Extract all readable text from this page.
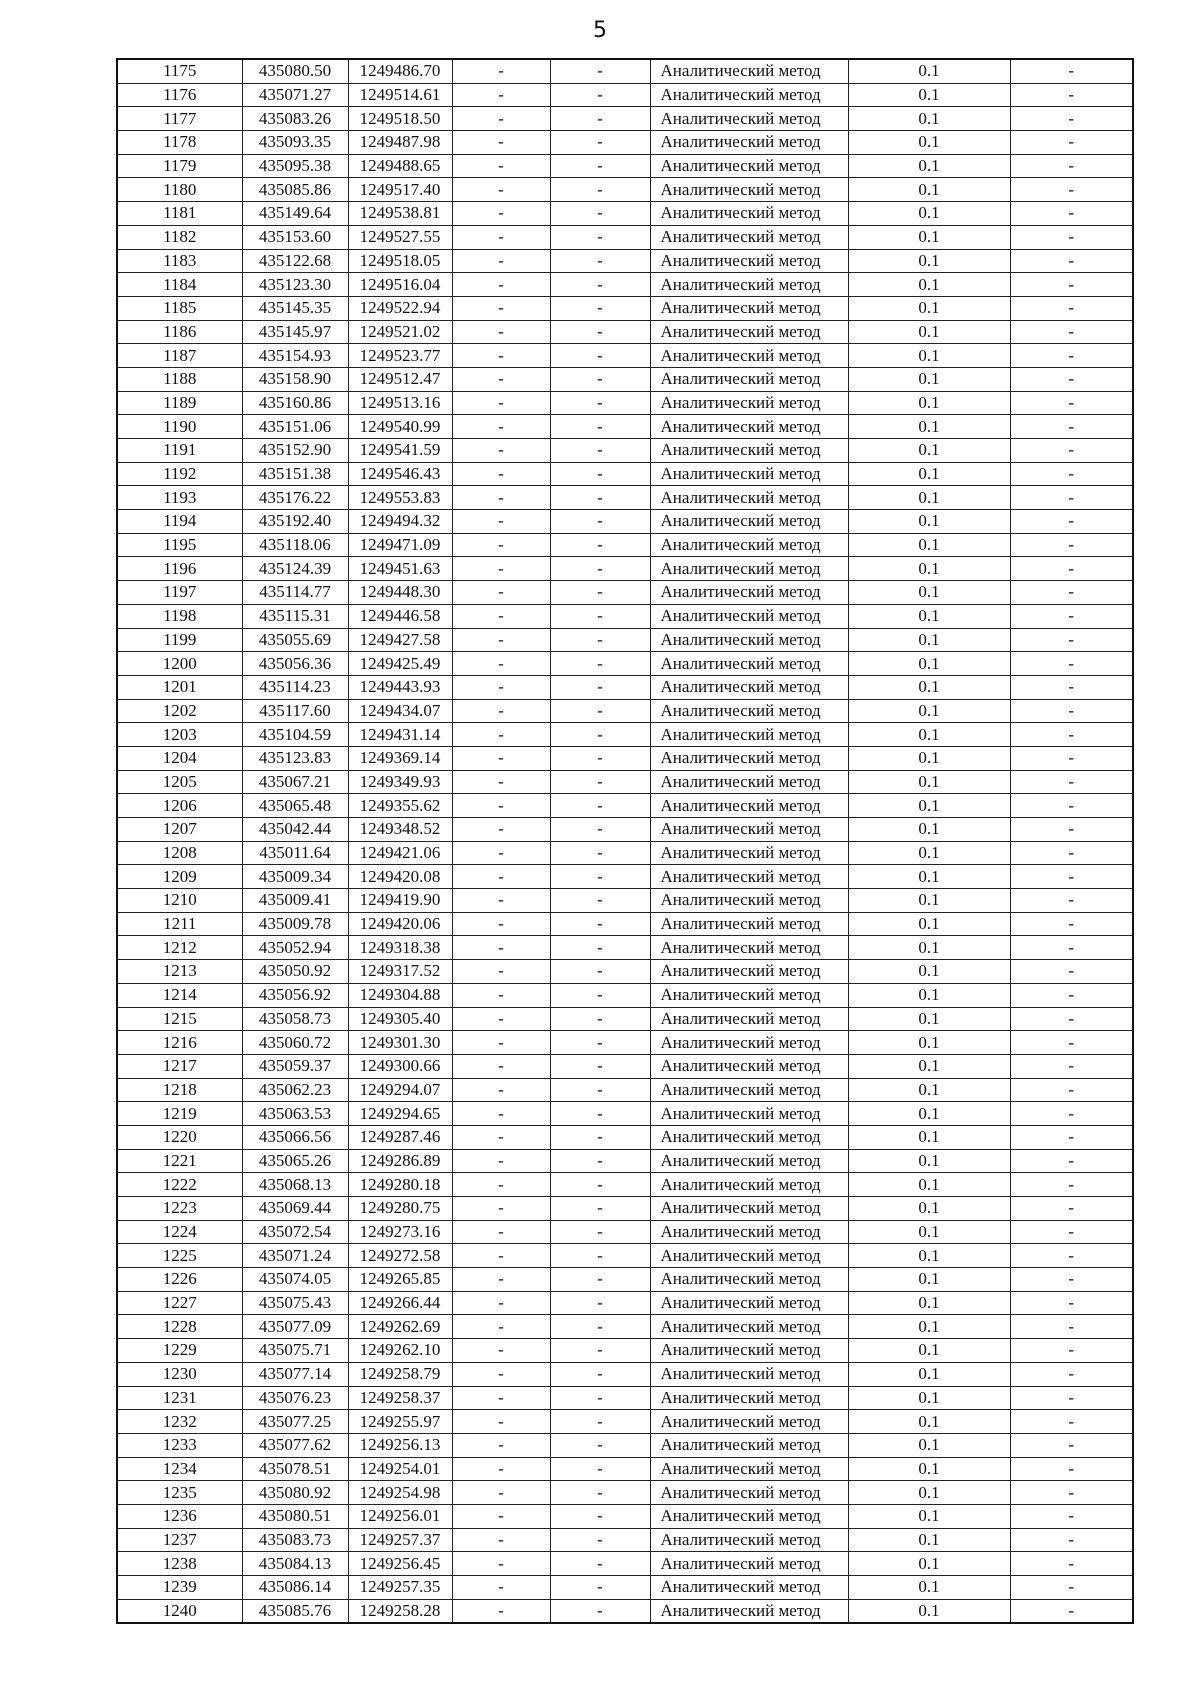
5
1175	435080.50	1249486.70	-	-	Аналитический метод	0.1	-
1176	435071.27	1249514.61	-	-	Аналитический метод	0.1	-
1177	435083.26	1249518.50	-	-	Аналитический метод	0.1	-
1178	435093.35	1249487.98	-	-	Аналитический метод	0.1	-
1179	435095.38	1249488.65	-	-	Аналитический метод	0.1	-
1180	435085.86	1249517.40	-	-	Аналитический метод	0.1	-
1181	435149.64	1249538.81	-	-	Аналитический метод	0.1	-
1182	435153.60	1249527.55	-	-	Аналитический метод	0.1	-
1183	435122.68	1249518.05	-	-	Аналитический метод	0.1	-
1184	435123.30	1249516.04	-	-	Аналитический метод	0.1	-
1185	435145.35	1249522.94	-	-	Аналитический метод	0.1	-
1186	435145.97	1249521.02	-	-	Аналитический метод	0.1	-
1187	435154.93	1249523.77	-	-	Аналитический метод	0.1	-
1188	435158.90	1249512.47	-	-	Аналитический метод	0.1	-
1189	435160.86	1249513.16	-	-	Аналитический метод	0.1	-
1190	435151.06	1249540.99	-	-	Аналитический метод	0.1	-
1191	435152.90	1249541.59	-	-	Аналитический метод	0.1	-
1192	435151.38	1249546.43	-	-	Аналитический метод	0.1	-
1193	435176.22	1249553.83	-	-	Аналитический метод	0.1	-
1194	435192.40	1249494.32	-	-	Аналитический метод	0.1	-
1195	435118.06	1249471.09	-	-	Аналитический метод	0.1	-
1196	435124.39	1249451.63	-	-	Аналитический метод	0.1	-
1197	435114.77	1249448.30	-	-	Аналитический метод	0.1	-
1198	435115.31	1249446.58	-	-	Аналитический метод	0.1	-
1199	435055.69	1249427.58	-	-	Аналитический метод	0.1	-
1200	435056.36	1249425.49	-	-	Аналитический метод	0.1	-
1201	435114.23	1249443.93	-	-	Аналитический метод	0.1	-
1202	435117.60	1249434.07	-	-	Аналитический метод	0.1	-
1203	435104.59	1249431.14	-	-	Аналитический метод	0.1	-
1204	435123.83	1249369.14	-	-	Аналитический метод	0.1	-
1205	435067.21	1249349.93	-	-	Аналитический метод	0.1	-
1206	435065.48	1249355.62	-	-	Аналитический метод	0.1	-
1207	435042.44	1249348.52	-	-	Аналитический метод	0.1	-
1208	435011.64	1249421.06	-	-	Аналитический метод	0.1	-
1209	435009.34	1249420.08	-	-	Аналитический метод	0.1	-
1210	435009.41	1249419.90	-	-	Аналитический метод	0.1	-
1211	435009.78	1249420.06	-	-	Аналитический метод	0.1	-
1212	435052.94	1249318.38	-	-	Аналитический метод	0.1	-
1213	435050.92	1249317.52	-	-	Аналитический метод	0.1	-
1214	435056.92	1249304.88	-	-	Аналитический метод	0.1	-
1215	435058.73	1249305.40	-	-	Аналитический метод	0.1	-
1216	435060.72	1249301.30	-	-	Аналитический метод	0.1	-
1217	435059.37	1249300.66	-	-	Аналитический метод	0.1	-
1218	435062.23	1249294.07	-	-	Аналитический метод	0.1	-
1219	435063.53	1249294.65	-	-	Аналитический метод	0.1	-
1220	435066.56	1249287.46	-	-	Аналитический метод	0.1	-
1221	435065.26	1249286.89	-	-	Аналитический метод	0.1	-
1222	435068.13	1249280.18	-	-	Аналитический метод	0.1	-
1223	435069.44	1249280.75	-	-	Аналитический метод	0.1	-
1224	435072.54	1249273.16	-	-	Аналитический метод	0.1	-
1225	435071.24	1249272.58	-	-	Аналитический метод	0.1	-
1226	435074.05	1249265.85	-	-	Аналитический метод	0.1	-
1227	435075.43	1249266.44	-	-	Аналитический метод	0.1	-
1228	435077.09	1249262.69	-	-	Аналитический метод	0.1	-
1229	435075.71	1249262.10	-	-	Аналитический метод	0.1	-
1230	435077.14	1249258.79	-	-	Аналитический метод	0.1	-
1231	435076.23	1249258.37	-	-	Аналитический метод	0.1	-
1232	435077.25	1249255.97	-	-	Аналитический метод	0.1	-
1233	435077.62	1249256.13	-	-	Аналитический метод	0.1	-
1234	435078.51	1249254.01	-	-	Аналитический метод	0.1	-
1235	435080.92	1249254.98	-	-	Аналитический метод	0.1	-
1236	435080.51	1249256.01	-	-	Аналитический метод	0.1	-
1237	435083.73	1249257.37	-	-	Аналитический метод	0.1	-
1238	435084.13	1249256.45	-	-	Аналитический метод	0.1	-
1239	435086.14	1249257.35	-	-	Аналитический метод	0.1	-
1240	435085.76	1249258.28	-	-	Аналитический метод	0.1	-
